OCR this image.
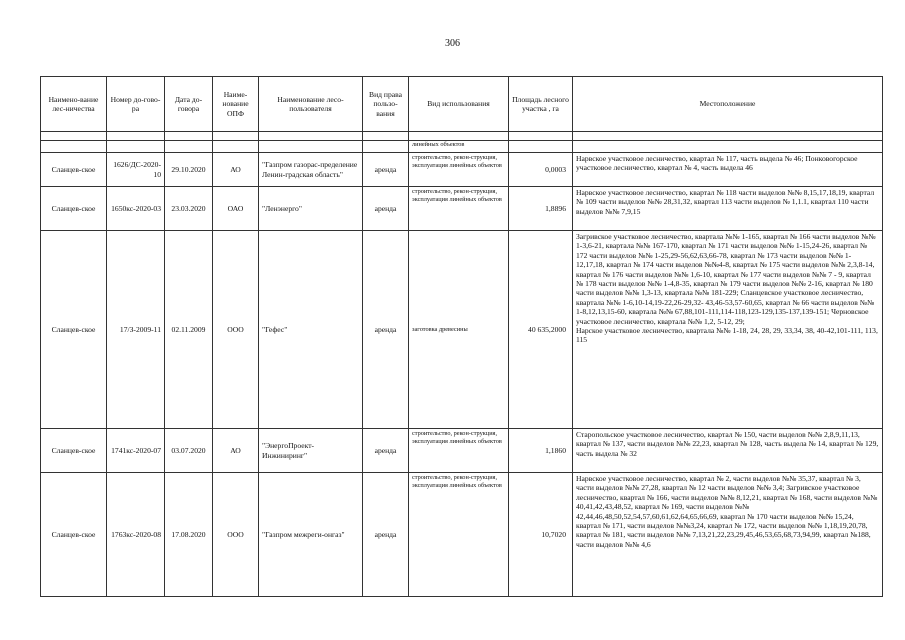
306
Наимено-вание лес-ничества	Номер до-гово-ра	Дата до-говора	Наиме-нование ОПФ	Наименование лесо-пользователя	Вид права пользо-вания	Вид использования	Площадь лесного участка , га	Местоположение

						линейных объектов		
Сланцев-ское	1626/ДС-2020-10	29.10.2020	АО	"Газпром газорас-пределение Ленин-градская область"	аренда	строительство, рекон-струкция, эксплуатация линейных объектов	0,0003	Нарвское участковое лесничество, квартал № 117, часть выдела № 46; Понковогорское участковое лесничество, квартал № 4, часть выдела 46
Сланцев-ское	1650кс-2020-03	23.03.2020	ОАО	"Ленэнерго"	аренда	строительство, рекон-струкция, эксплуатация линейных объектов	1,8896	Нарвское участковое лесничество, квартал № 118 части выделов №№ 8,15,17,18,19, квартал № 109 части выделов №№ 28,31,32, квартал 113 части выделов № 1,1.1, квартал 110 части выделов №№ 7,9,15
Сланцев-ское	17/З-2009-11	02.11.2009	ООО	"Гефес"	аренда	заготовка древесины	40 635,2000	Загривское участковое лесничество, квартала №№ 1-165, квартал № 166 части выделов №№ 1-3,6-21, квартала №№ 167-170, квартал № 171 части выделов №№ 1-15,24-26, квартал № 172 части выделов №№ 1-25,29-56,62,63,66-78, квартал № 173 части выделов №№ 1-12,17,18, квартал № 174 части выделов №№4-8, квартал № 175 части выделов №№ 2,3,8-14, квартал № 176 части выделов №№ 1,6-10, квартал № 177 части выделов №№ 7 - 9, квартал № 178 части выделов №№ 1-4,8-35, квартал № 179 части выделов №№ 2-16, квартал № 180 части выделов №№ 1,3-13, квартала №№ 181-229; Сланцевское участковое лесничество, квартала №№ 1-6,10-14,19-22,26-29,32- 43,46-53,57-60,65, квартал № 66 части выделов №№ 1-8,12,13,15-60, квартала №№ 67,88,101-111,114-118,123-129,135-137,139-151; Черновское участковое лесничество, квартала №№ 1,2, 5-12, 29;
Нарское участковое лесничество, квартала №№ 1-18, 24, 28, 29, 33,34, 38, 40-42,101-111, 113, 115
Сланцев-ское	1741кс-2020-07	03.07.2020	АО	"ЭнергоПроект-Инжиниринг"	аренда	строительство, рекон-струкция, эксплуатация линейных объектов	1,1860	Старопольское участковое лесничество, квартал № 150, части выделов №№ 2,8,9,11,13, квартал № 137, части выделов №№ 22,23, квартал № 128, часть выдела № 14, квартал № 129, часть выдела № 32
Сланцев-ское	1763кс-2020-08	17.08.2020	ООО	"Газпром межреги-онгаз"	аренда	строительство, рекон-струкция, эксплуатация линейных объектов	10,7020	Нарвское участковое лесничество, квартал № 2, части выделов №№ 35,37, квартал № 3, части выделов №№ 27,28, квартал № 12 части выделов №№ 3,4; Загривское участковое лесничество, квартал № 166, части выделов №№ 8,12,21, квартал № 168, части выделов №№ 40,41,42,43,48,52, квартал № 169, части выделов №№ 42,44,46,48,50,52,54,57,60,61,62,64,65,66,69, квартал № 170 части выделов №№ 15,24, квартал № 171, части выделов №№3,24, квартал № 172, части выделов №№ 1,18,19,20,78, квартал № 181, части выделов №№ 7,13,21,22,23,29,45,46,53,65,68,73,94,99, квартал №188, части выделов №№ 4,6
